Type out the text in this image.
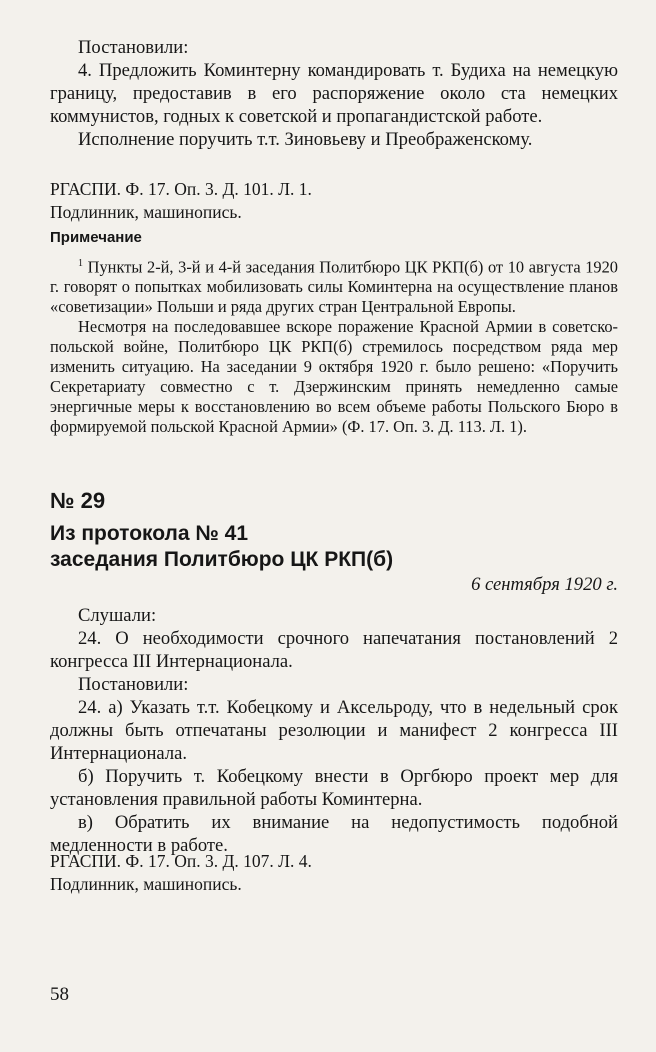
Постановили:

4. Предложить Коминтерну командировать т. Будиха на немецкую границу, предоставив в его распоряжение около ста немецких коммунистов, годных к советской и пропагандистской работе.

Исполнение поручить т.т. Зиновьеву и Преображенскому.

РГАСПИ. Ф. 17. Оп. 3. Д. 101. Л. 1.

Подлинник, машинопись.

Примечание

$^1$ Пункты 2-й, 3-й и 4-й заседания Политбюро ЦК РКП(б) от 10 августа 1920 г. говорят о попытках мобилизовать силы Коминтерна на осуществление планов «советизации» Польши и ряда других стран Центральной Европы.

Несмотря на последовавшее вскоре поражение Красной Армии в советско-польской войне, Политбюро ЦК РКП(б) стремилось посредством ряда мер изменить ситуацию. На заседании 9 октября 1920 г. было решено: «Поручить Секретариату совместно с т. Дзержинским принять немедленно самые энергичные меры к восстановлению во всем объеме работы Польского Бюро в формируемой польской Красной Армии» (Ф. 17. Оп. 3. Д. 113. Л. 1).

№ 29

Из протокола № 41

заседания Политбюро ЦК РКП(б)

6 сентября 1920 г.

Слушали:

24. О необходимости срочного напечатания постановлений 2 конгресса III Интернационала.

Постановили:

24. а) Указать т.т. Кобецкому и Аксельроду, что в недельный срок должны быть отпечатаны резолюции и манифест 2 конгресса III Интернационала.

б) Поручить т. Кобецкому внести в Оргбюро проект мер для установления правильной работы Коминтерна.

в) Обратить их внимание на недопустимость подобной медленности в работе.

РГАСПИ. Ф. 17. Оп. 3. Д. 107. Л. 4.

Подлинник, машинопись.

58
